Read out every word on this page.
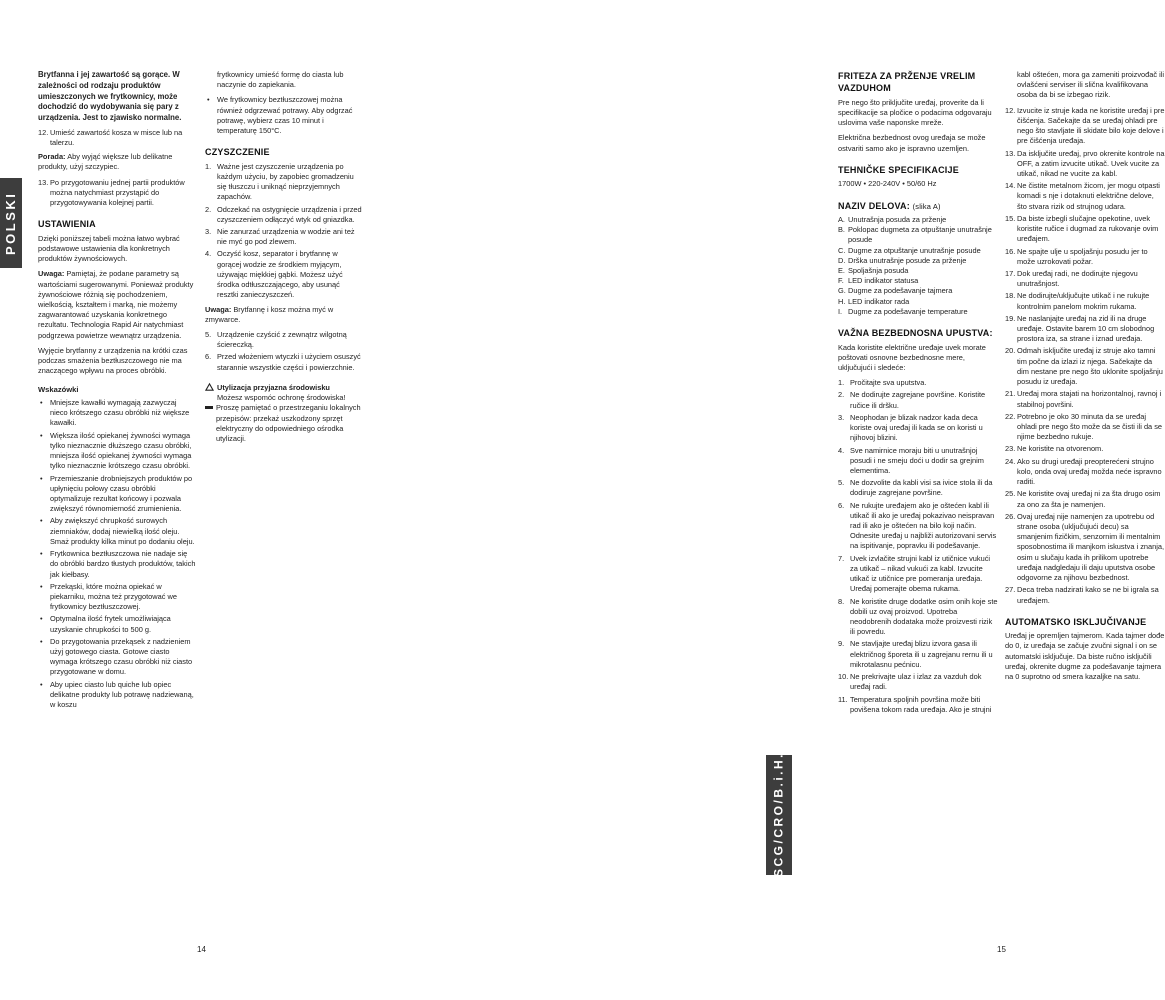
POLSKI

Brytfanna i jej zawartość są gorące. W zależności od rodzaju produktów umieszczonych we frytkownicy, może dochodzić do wydobywania się pary z urządzenia. Jest to zjawisko normalne.

12. Umieść zawartość kosza w misce lub na talerzu.

Porada: Aby wyjąć większe lub delikatne produkty, użyj szczypiec.

13. Po przygotowaniu jednej partii produktów można natychmiast przystąpić do przygotowywania kolejnej partii.
USTAWIENIA

Dzięki poniższej tabeli można łatwo wybrać podstawowe ustawienia dla konkretnych produktów żywnościowych.

Uwaga: Pamiętaj, że podane parametry są wartościami sugerowanymi. Ponieważ produkty żywnościowe różnią się pochodzeniem, wielkością, kształtem i marką, nie możemy zagwarantować uzyskania konkretnego rezultatu. Technologia Rapid Air natychmiast podgrzewa powietrze wewnątrz urządzenia.

Wyjęcie brytfanny z urządzenia na krótki czas podczas smażenia beztłuszczowego nie ma znaczącego wpływu na proces obróbki.

Wskazówki
• Mniejsze kawałki wymagają zazwyczaj nieco krótszego czasu obróbki niż większe kawałki.
• Większa ilość opiekanej żywności wymaga tylko nieznacznie dłuższego czasu obróbki, mniejsza ilość opiekanej żywności wymaga tylko nieznacznie krótszego czasu obróbki.
• Przemieszanie drobniejszych produktów po upłynięciu połowy czasu obróbki optymalizuje rezultat końcowy i pozwala zwiększyć równomierność zrumienienia.
• Aby zwiększyć chrupkość surowych ziemniaków, dodaj niewielką ilość oleju. Smaż produkty kilka minut po dodaniu oleju.
• Frytkownica beztłuszczowa nie nadaje się do obróbki bardzo tłustych produktów, takich jak kiełbasy.
• Przekąski, które można opiekać w piekarniku, można też przygotować we frytkownicy beztłuszczowej.
• Optymalna ilość frytek umożliwiająca uzyskanie chrupkości to 500 g.
• Do przygotowania przekąsek z nadzieniem użyj gotowego ciasta. Gotowe ciasto wymaga krótszego czasu obróbki niż ciasto przygotowane w domu.
• Aby upiec ciasto lub quiche lub opiec delikatne produkty lub potrawę nadziewaną, w koszu

frytkownicy umieść formę do ciasta lub naczynie do zapiekania.

• We frytkownicy beztłuszczowej można również odgrzewać potrawy. Aby odgrzać potrawę, wybierz czas 10 minut i temperaturę 150°C.
CZYSZCZENIE
1. Ważne jest czyszczenie urządzenia po każdym użyciu, by zapobiec gromadzeniu się tłuszczu i uniknąć nieprzyjemnych zapachów.
2. Odczekać na ostygnięcie urządzenia i przed czyszczeniem odłączyć wtyk od gniazdka.
3. Nie zanurzać urządzenia w wodzie ani też nie myć go pod zlewem.
4. Oczyść kosz, separator i brytfannę w gorącej wodzie ze środkiem myjącym, używając miękkiej gąbki. Możesz użyć środka odtłuszczającego, aby usunąć resztki zanieczyszczeń.

Uwaga: Brytfannę i kosz można myć w zmywarce.

5. Urządzenie czyścić z zewnątrz wilgotną ściereczką.
6. Przed włożeniem wtyczki i użyciem osuszyć starannie wszystkie części i powierzchnie.
Utylizacja przyjazna środowisku
Możesz wspomóc ochronę środowiska!
Proszę pamiętać o przestrzeganiu lokalnych przepisów: przekaż uszkodzony sprzęt elektryczny do odpowiedniego ośrodka utylizacji.
14
FRITEZA ZA PRŽENJE VRELIM VAZDUHOM

Pre nego što priključite uređaj, proverite da li specifikacije sa pločice o podacima odgovaraju uslovima vaše naponske mreže.

Električna bezbednost ovog uređaja se može ostvariti samo ako je ispravno uzemljen.

TEHNIČKE SPECIFIKACIJE

1700W • 220-240V • 50/60 Hz

NAZIV DELOVA: (slika A)
A. Unutrašnja posuda za prženje
B. Poklopac dugmeta za otpuštanje unutrašnje posude
C. Dugme za otpuštanje unutrašnje posude
D. Drška unutrašnje posude za prženje
E. Spoljašnja posuda
F. LED indikator statusa
G. Dugme za podešavanje tajmera
H. LED indikator rada
I. Dugme za podešavanje temperature
VAŽNA BEZBEDNOSNA UPUSTVA:

Kada koristite električne uređaje uvek morate poštovati osnovne bezbednosne mere, uključujući i sledeće:

1. Pročitajte sva uputstva.
2. Ne dodirujte zagrejane površine. Koristite ručice ili dršku.
3. Neophodan je blizak nadzor kada deca koriste ovaj uređaj ili kada se on koristi u njihovoj blizini.
4. Sve namirnice moraju biti u unutrašnjoj posudi i ne smeju doći u dodir sa grejnim elementima.
5. Ne dozvolite da kabli visi sa ivice stola ili da dodiruje zagrejane površine.
6. Ne rukujte uređajem ako je oštećen kabl ili utikač ili ako je uređaj pokazivao neispravan rad ili ako je oštećen na bilo koji način. Odnesite uređaj u najbliži autorizovani servis na ispitivanje, popravku ili podešavanje.
7. Uvek izvlačite strujni kabl iz utičnice vukući za utikač – nikad vukući za kabl. Izvucite utikač iz utičnice pre pomeranja uređaja. Uređaj pomerajte obema rukama.
8. Ne koristite druge dodatke osim onih koje ste dobili uz ovaj proizvod. Upotreba neodobrenih dodataka može proizvesti rizik ili povredu.
9. Ne stavljajte uređaj blizu izvora gasa ili električnog šporeta ili u zagrejanu rernu ili u mikrotalasnu pećnicu.
10. Ne prekrivajte ulaz i izlaz za vazduh dok uređaj radi.
11. Temperatura spoljnih površina može biti povišena tokom rada uređaja. Ako je strujni

kabl oštećen, mora ga zameniti proizvođač ili ovlašćeni serviser ili slična kvalifikovana osoba da bi se izbegao rizik.

12. Izvucite iz struje kada ne koristite uređaj i pre čišćenja. Sačekajte da se uređaj ohladi pre nego što stavljate ili skidate bilo koje delove i pre čišćenja uređaja.
13. Da isključite uređaj, prvo okrenite kontrole na OFF, a zatim izvucite utikač. Uvek vucite za utikač, nikad ne vucite za kabl.
14. Ne čistite metalnom žicom, jer mogu otpasti komadi s nje i dotaknuti električne delove, što stvara rizik od strujnog udara.
15. Da biste izbegli slučajne opekotine, uvek koristite ručice i dugmad za rukovanje ovim uređajem.
16. Ne spajte ulje u spoljašnju posudu jer to može uzrokovati požar.
17. Dok uređaj radi, ne dodirujte njegovu unutrašnjost.
18. Ne dodirujte/uključujte utikač i ne rukujte kontrolnim panelom mokrim rukama.
19. Ne naslanjajte uređaj na zid ili na druge uređaje. Ostavite barem 10 cm slobodnog prostora iza, sa strane i iznad uređaja.
20. Odmah isključite uređaj iz struje ako tamni tim počne da izlazi iz njega. Sačekajte da dim nestane pre nego što uklonite spoljašnju posudu iz uređaja.
21. Uređaj mora stajati na horizontalnoj, ravnoj i stabilnoj površini.
22. Potrebno je oko 30 minuta da se uređaj ohladi pre nego što može da se čisti ili da se njime bezbedno rukuje.
23. Ne koristite na otvorenom.
24. Ako su drugi uređaji preopterećeni strujno kolo, onda ovaj uređaj možda neće ispravno raditi.
25. Ne koristite ovaj uređaj ni za šta drugo osim za ono za šta je namenjen.
26. Ovaj uređaj nije namenjen za upotrebu od strane osoba (uključujući decu) sa smanjenim fizičkim, senzornim ili mentalnim sposobnostima ili manjkom iskustva i znanja, osim u slučaju kada ih prilikom upotrebe uređaja nadgledaju ili daju uputstva osobe odgovorne za njihovu bezbednost.
27. Deca treba nadzirati kako se ne bi igrala sa uređajem.
AUTOMATSKO ISKLJUČIVANJE

Uređaj je opremljen tajmerom. Kada tajmer dođe do 0, iz uređaja se začuje zvučni signal i on se automatski isključuje. Da biste ručno isključili uređaj, okrenite dugme za podešavanje tajmera na 0 suprotno od smera kazaljke na satu.

SCG/CRO/B.i.H.
15
